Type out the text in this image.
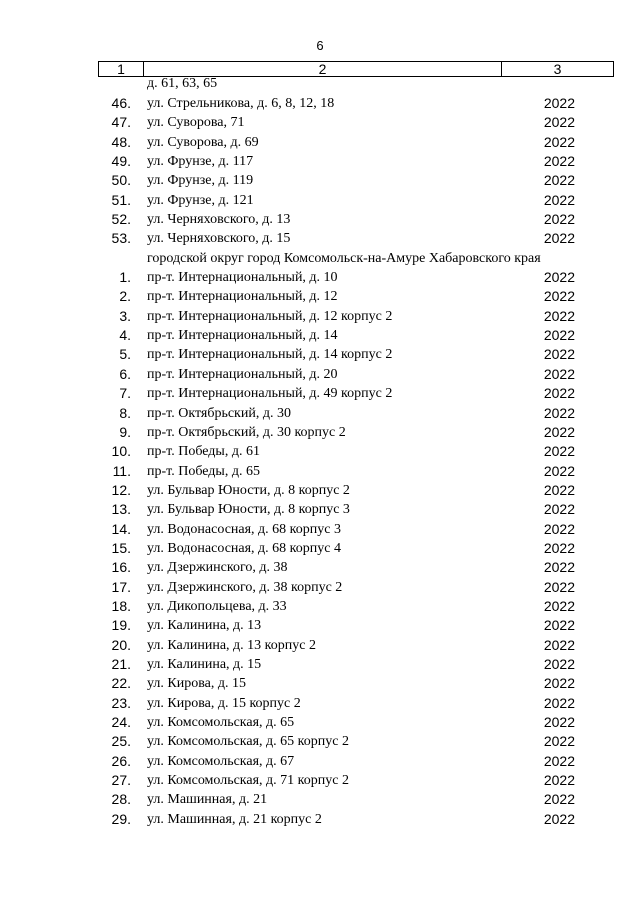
6
1	2	3
д. 61, 63, 65
46. ул. Стрельникова, д. 6, 8, 12, 18	2022
47. ул. Суворова, 71	2022
48. ул. Суворова, д. 69	2022
49. ул. Фрунзе, д. 117	2022
50. ул. Фрунзе, д. 119	2022
51. ул. Фрунзе, д. 121	2022
52. ул. Черняховского, д. 13	2022
53. ул. Черняховского, д. 15	2022
городской округ город Комсомольск-на-Амуре Хабаровского края
1. пр-т. Интернациональный, д. 10	2022
2. пр-т. Интернациональный, д. 12	2022
3. пр-т. Интернациональный, д. 12 корпус 2	2022
4. пр-т. Интернациональный, д. 14	2022
5. пр-т. Интернациональный, д. 14 корпус 2	2022
6. пр-т. Интернациональный, д. 20	2022
7. пр-т. Интернациональный, д. 49 корпус 2	2022
8. пр-т. Октябрьский, д. 30	2022
9. пр-т. Октябрьский, д. 30 корпус 2	2022
10. пр-т. Победы, д. 61	2022
11. пр-т. Победы, д. 65	2022
12. ул. Бульвар Юности, д. 8 корпус 2	2022
13. ул. Бульвар Юности, д. 8 корпус 3	2022
14. ул. Водонасосная, д. 68 корпус 3	2022
15. ул. Водонасосная, д. 68 корпус 4	2022
16. ул. Дзержинского, д. 38	2022
17. ул. Дзержинского, д. 38 корпус 2	2022
18. ул. Дикопольцева, д. 33	2022
19. ул. Калинина, д. 13	2022
20. ул. Калинина, д. 13 корпус 2	2022
21. ул. Калинина, д. 15	2022
22. ул. Кирова, д. 15	2022
23. ул. Кирова, д. 15 корпус 2	2022
24. ул. Комсомольская, д. 65	2022
25. ул. Комсомольская, д. 65 корпус 2	2022
26. ул. Комсомольская, д. 67	2022
27. ул. Комсомольская, д. 71 корпус 2	2022
28. ул. Машинная, д. 21	2022
29. ул. Машинная, д. 21 корпус 2	2022
